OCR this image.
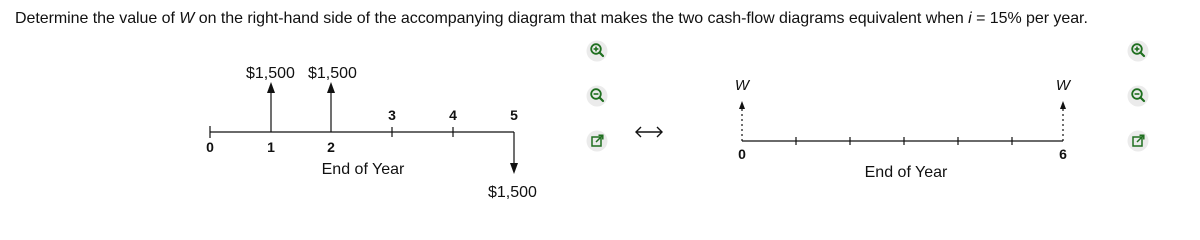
Determine the value of W on the right-hand side of the accompanying diagram that makes the two cash-flow diagrams equivalent when i = 15% per year.
$1,500 $1,500
3	4	5
0	1	2
End of Year
$1,500
W	W
0	6
End of Year
